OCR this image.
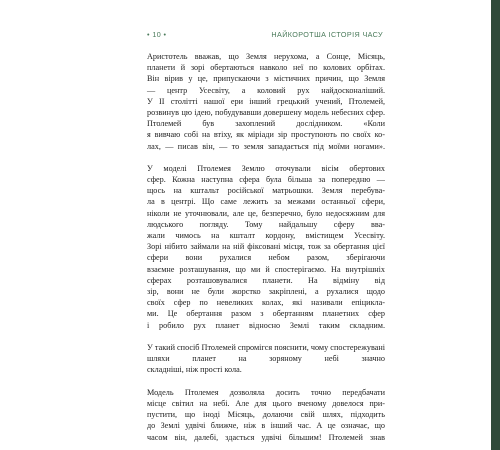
• 10 •	НАЙКОРОТША ІСТОРІЯ ЧАСУ
Аристотель вважав, що Земля нерухома, а Сонце, Місяць,
планети й зорі обертаються навколо неї по колових орбітах.
Він вірив у це, припускаючи з містичних причин, що Земля
— центр Усесвіту, а коловий рух найдосконаліший.
У ІІ столітті нашої ери інший грецький учений, Птолемей,
розвинув цю ідею, побудувавши довершену модель небесних сфер. Птолемей був захоплений дослідником. «Коли
я вивчаю собі на втіху, як міріади зір проступоють по своїх ко-
лах, — писав він, — то земля западається під моїми ногами».
У моделі Птолемея Землю оточували вісім обертових
сфер. Кожна наступна сфера була більша за попередню —
щось на кштальт російської матрьошки. Земля перебува-
ла в центрі. Що саме лежить за межами останньої сфери,
ніколи не уточнювали, але це, безперечно, було недосяжним для людського погляду. Тому найдальшу сферу вва-
жали чимось на кшталт кордону, вмістищем Усесвіту.
Зорі нібито займали на ній фіксовані місця, тож за обертання цієї сфери вони рухалися небом разом, зберігаючи
взаємне розташування, що ми й спостерігаємо. На внутрішніх сферах розташовувалися планети. На відміну від
зір, вони не були жорстко закріплені, а рухалися щодо
своїх сфер по невеликих колах, які називали епіцикла-
ми. Це обертання разом з обертанням планетних сфер
і робило рух планет відносно Землі таким складним.
У такий спосіб Птолемей спромігся пояснити, чому спостережувані шляхи планет на зоряному небі значно
складніші, ніж прості кола.
Модель Птолемея дозволяла досить точно передбачати
місце світил на небі. Але для цього вченому довелося при-
пустити, що іноді Місяць, долаючи свій шлях, підходить
до Землі удвічі ближче, ніж в інший час. А це означає, що
часом він, далебі, здасться удвічі більшим! Птолемей знав
